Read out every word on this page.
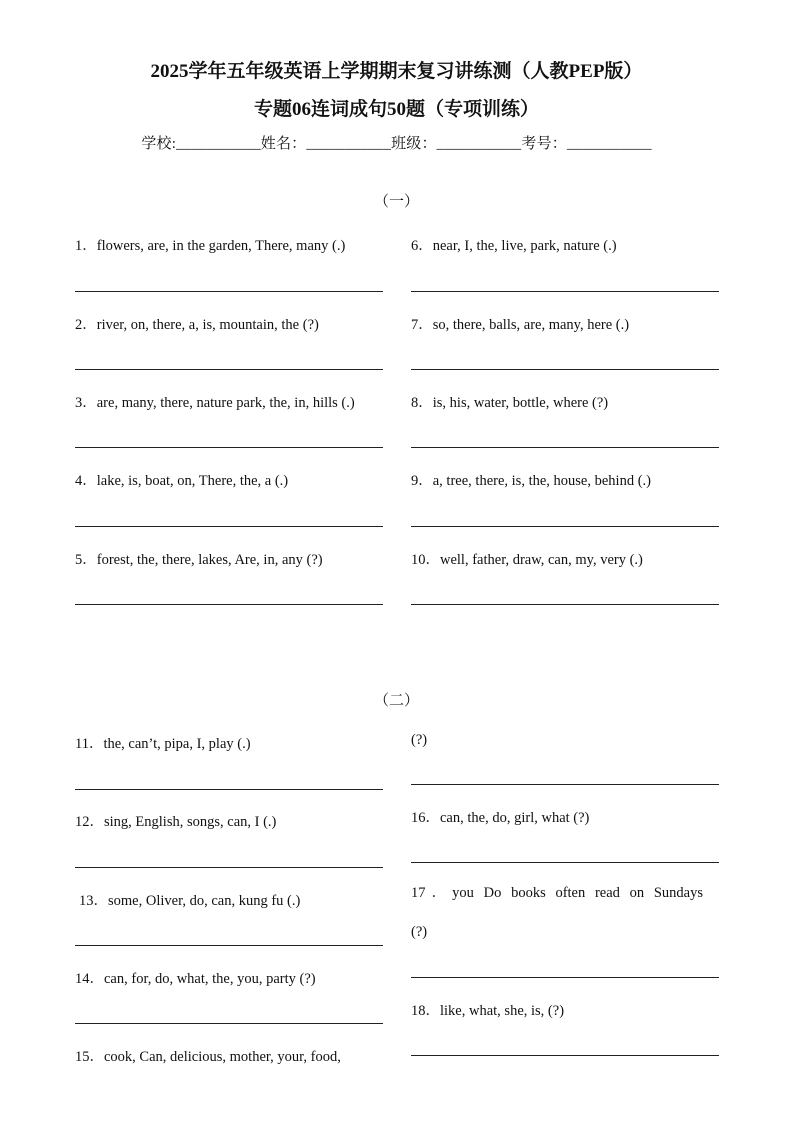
2025学年五年级英语上学期期末复习讲练测（人教PEP版）
专题06连词成句50题（专项训练）
学校:___________姓名：___________班级：___________考号：___________
（一）
1．flowers, are, in the garden, There, many (.)
2．river, on, there, a, is, mountain, the (?)
3．are, many, there, nature park, the, in, hills (.)
4．lake, is, boat, on, There, the, a (.)
5．forest, the, there, lakes, Are, in, any (?)
6．near, I, the, live, park, nature (.)
7．so, there, balls, are, many, here (.)
8．is, his, water, bottle, where (?)
9．a, tree, there, is, the, house, behind (.)
10．well, father, draw, can, my, very (.)
（二）
11．the, can’t, pipa, I, play (.)
12．sing, English, songs, can, I (.)
13．some, Oliver, do, can, kung fu (.)
14．can, for, do, what, the, you, party (?)
15．cook, Can, delicious, mother, your, food,
(?)
16．can, the, do, girl, what (?)
17．you Do books often read on Sundays
(?)
18．like, what, she, is, (?)
